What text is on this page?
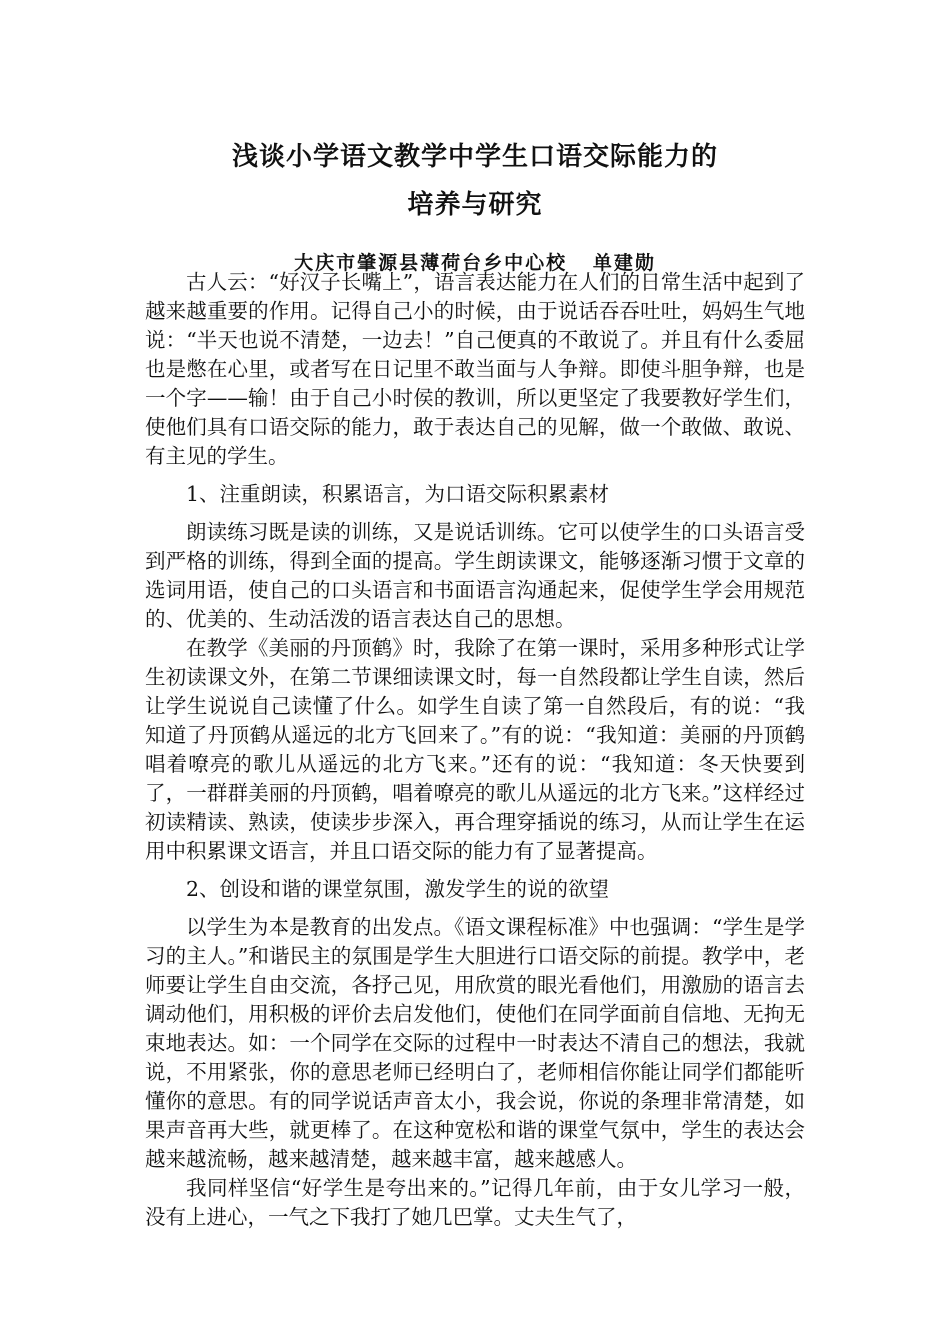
浅谈小学语文教学中学生口语交际能力的
培养与研究
大庆市肇源县薄荷台乡中心校   单建勋

古人云：“好汉子长嘴上”，语言表达能力在人们的日常生活中起到了越来越重要的作用。记得自己小的时候，由于说话吞吞吐吐，妈妈生气地说：“半天也说不清楚，一边去！”自己便真的不敢说了。并且有什么委屈也是憋在心里，或者写在日记里不敢当面与人争辩。即使斗胆争辩，也是一个字——输！由于自己小时侯的教训，所以更坚定了我要教好学生们，使他们具有口语交际的能力，敢于表达自己的见解，做一个敢做、敢说、有主见的学生。

1、注重朗读，积累语言，为口语交际积累素材

朗读练习既是读的训练，又是说话训练。它可以使学生的口头语言受到严格的训练，得到全面的提高。学生朗读课文，能够逐渐习惯于文章的选词用语，使自己的口头语言和书面语言沟通起来，促使学生学会用规范的、优美的、生动活泼的语言表达自己的思想。

在教学《美丽的丹顶鹤》时，我除了在第一课时，采用多种形式让学生初读课文外，在第二节课细读课文时，每一自然段都让学生自读，然后让学生说说自己读懂了什么。如学生自读了第一自然段后，有的说：“我知道了丹顶鹤从遥远的北方飞回来了。”有的说：“我知道：美丽的丹顶鹤唱着嘹亮的歌儿从遥远的北方飞来。”还有的说：“我知道：冬天快要到了，一群群美丽的丹顶鹤，唱着嘹亮的歌儿从遥远的北方飞来。”这样经过初读精读、熟读，使读步步深入，再合理穿插说的练习，从而让学生在运用中积累课文语言，并且口语交际的能力有了显著提高。

2、创设和谐的课堂氛围，激发学生的说的欲望

以学生为本是教育的出发点。《语文课程标准》中也强调：“学生是学习的主人。”和谐民主的氛围是学生大胆进行口语交际的前提。教学中，老师要让学生自由交流，各抒己见，用欣赏的眼光看他们，用激励的语言去调动他们，用积极的评价去启发他们，使他们在同学面前自信地、无拘无束地表达。如：一个同学在交际的过程中一时表达不清自己的想法，我就说，不用紧张，你的意思老师已经明白了，老师相信你能让同学们都能听懂你的意思。有的同学说话声音太小，我会说，你说的条理非常清楚，如果声音再大些，就更棒了。在这种宽松和谐的课堂气氛中，学生的表达会越来越流畅，越来越清楚，越来越丰富，越来越感人。

我同样坚信“好学生是夸出来的。”记得几年前，由于女儿学习一般，没有上进心，一气之下我打了她几巴掌。丈夫生气了，
